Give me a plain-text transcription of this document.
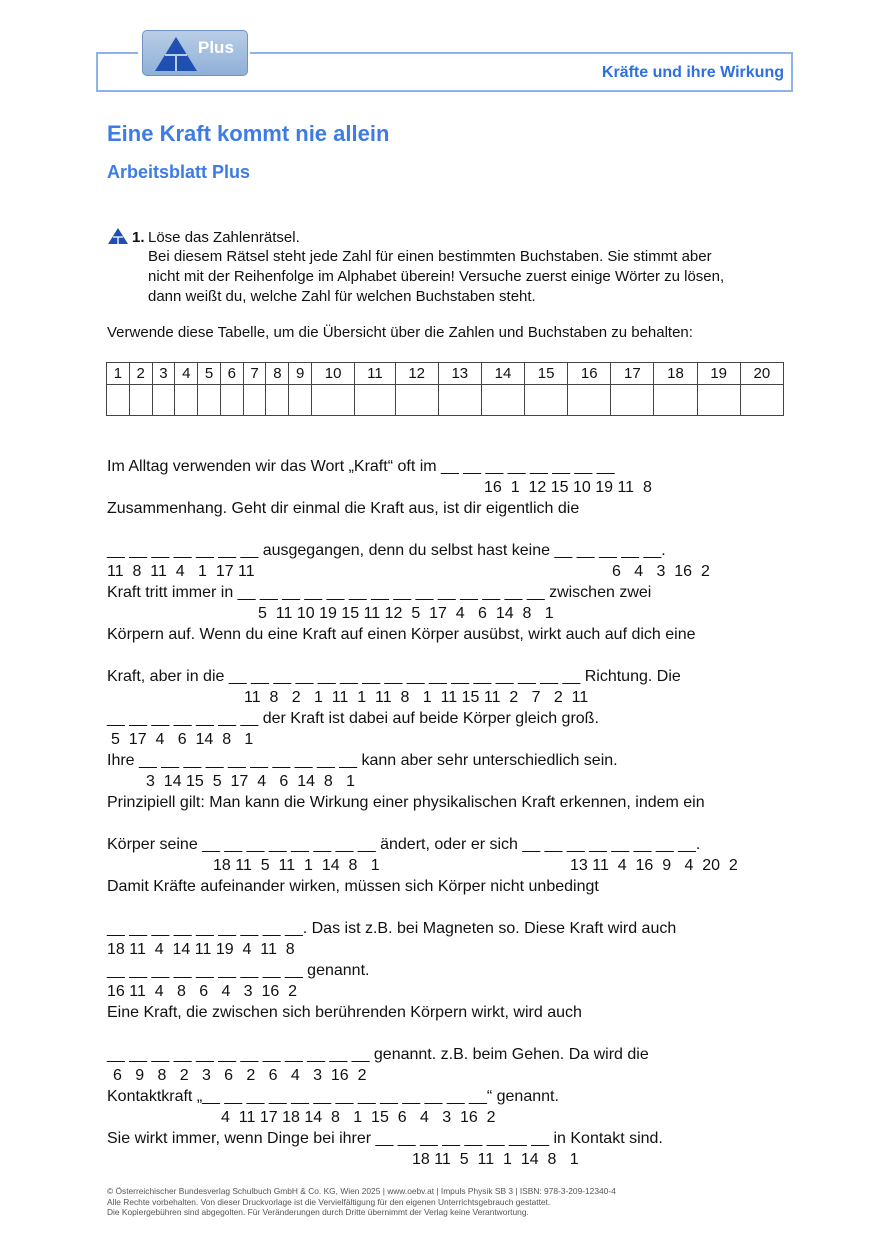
Plus
Kräfte und ihre Wirkung
Eine Kraft kommt nie allein
Arbeitsblatt Plus
1. Löse das Zahlenrätsel.

Bei diesem Rätsel steht jede Zahl für einen bestimmten Buchstaben. Sie stimmt aber
nicht mit der Reihenfolge im Alphabet überein! Versuche zuerst einige Wörter zu lösen,
dann weißt du, welche Zahl für welchen Buchstaben steht.

Verwende diese Tabelle, um die Übersicht über die Zahlen und Buchstaben zu behalten:
1	2	3	4	5	6	7	8	9	10	11	12	13	14	15	16	17	18	19	20

Im Alltag verwenden wir das Wort „Kraft“ oft im __ __ __ __ __ __ __ __
16  1  12 15 10 19 11  8
Zusammenhang. Geht dir einmal die Kraft aus, ist dir eigentlich die
__ __ __ __ __ __ __ ausgegangen, denn du selbst hast keine __ __ __ __ __.
11  8  11  4   1  17 11	6   4   3  16  2
Kraft tritt immer in __ __ __ __ __ __ __ __ __ __ __ __ __ __ zwischen zwei
5  11 10 19 15 11 12  5  17  4   6  14  8   1
Körpern auf. Wenn du eine Kraft auf einen Körper ausübst, wirkt auch auf dich eine
Kraft, aber in die __ __ __ __ __ __ __ __ __ __ __ __ __ __ __ __ Richtung. Die
11  8   2   1  11  1  11  8   1  11 15 11  2   7   2  11
__ __ __ __ __ __ __ der Kraft ist dabei auf beide Körper gleich groß.
5  17  4   6  14  8   1
Ihre __ __ __ __ __ __ __ __ __ __ kann aber sehr unterschiedlich sein.
3  14 15  5  17  4   6  14  8   1
Prinzipiell gilt: Man kann die Wirkung einer physikalischen Kraft erkennen, indem ein
Körper seine __ __ __ __ __ __ __ __ ändert, oder er sich __ __ __ __ __ __ __ __.
18 11  5  11  1  14  8   1	13 11  4  16  9   4  20  2
Damit Kräfte aufeinander wirken, müssen sich Körper nicht unbedingt
__ __ __ __ __ __ __ __ __. Das ist z.B. bei Magneten so. Diese Kraft wird auch
18 11  4  14 11 19  4  11  8
__ __ __ __ __ __ __ __ __ genannt.
16 11  4   8   6   4   3  16  2
Eine Kraft, die zwischen sich berührenden Körpern wirkt, wird auch
__ __ __ __ __ __ __ __ __ __ __ __ genannt. z.B. beim Gehen. Da wird die
6   9   8   2   3   6   2   6   4   3  16  2
Kontaktkraft „__ __ __ __ __ __ __ __ __ __ __ __ __“ genannt.
4  11 17 18 14  8   1  15  6   4   3  16  2
Sie wirkt immer, wenn Dinge bei ihrer __ __ __ __ __ __ __ __ in Kontakt sind.
18 11  5  11  1  14  8   1
© Österreichischer Bundesverlag Schulbuch GmbH & Co. KG, Wien 2025 | www.oebv.at | Impuls Physik SB 3 | ISBN: 978-3-209-12340-4
Alle Rechte vorbehalten. Von dieser Druckvorlage ist die Vervielfältigung für den eigenen Unterrichtsgebrauch gestattet.
Die Kopiergebühren sind abgegolten. Für Veränderungen durch Dritte übernimmt der Verlag keine Verantwortung.
